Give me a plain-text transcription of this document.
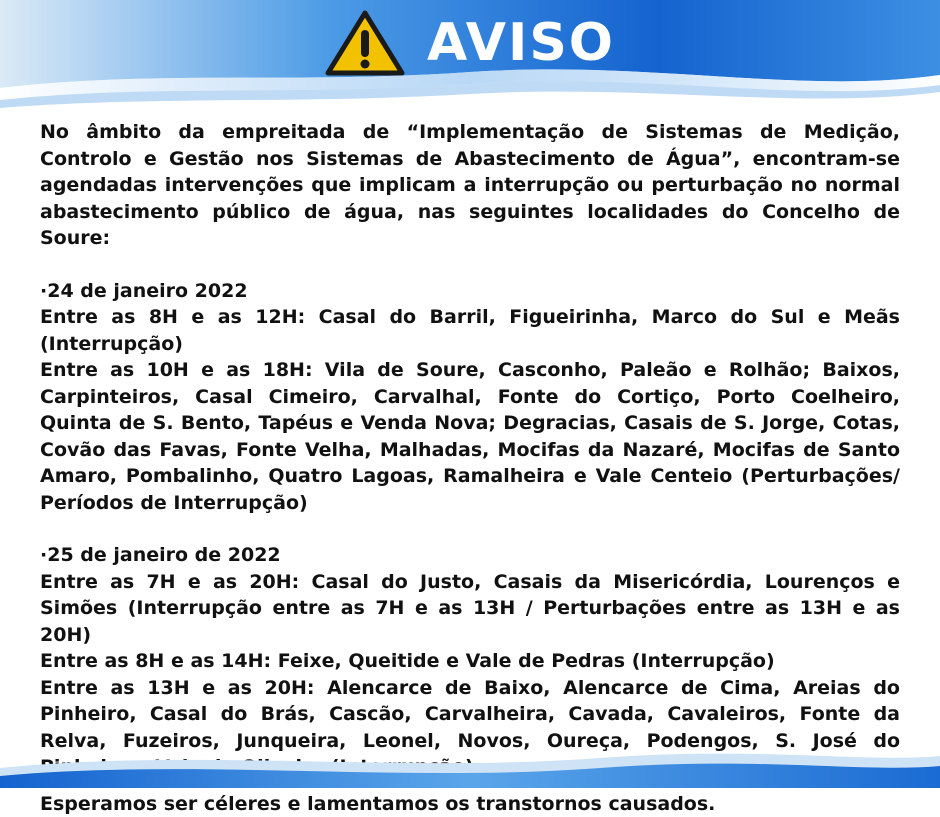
AVISO

No âmbito da empreitada de “Implementação de Sistemas de Medição, Controlo e Gestão nos Sistemas de Abastecimento de Água”, encontram-se agendadas intervenções que implicam a interrupção ou perturbação no normal abastecimento público de água, nas seguintes localidades do Concelho de Soure:

·24 de janeiro 2022

Entre as 8H e as 12H: Casal do Barril, Figueirinha, Marco do Sul e Meãs (Interrupção)

Entre as 10H e as 18H: Vila de Soure, Casconho, Paleão e Rolhão; Baixos, Carpinteiros, Casal Cimeiro, Carvalhal, Fonte do Cortiço, Porto Coelheiro, Quinta de S. Bento, Tapéus e Venda Nova; Degracias, Casais de S. Jorge, Cotas, Covão das Favas, Fonte Velha, Malhadas, Mocifas da Nazaré, Mocifas de Santo Amaro, Pombalinho, Quatro Lagoas, Ramalheira e Vale Centeio (Perturbações/ Períodos de Interrupção)

·25 de janeiro de 2022

Entre as 7H e as 20H: Casal do Justo, Casais da Misericórdia, Lourenços e Simões (Interrupção entre as 7H e as 13H / Perturbações entre as 13H e as 20H)

Entre as 8H e as 14H: Feixe, Queitide e Vale de Pedras (Interrupção)

Entre as 13H e as 20H: Alencarce de Baixo, Alencarce de Cima, Areias do Pinheiro, Casal do Brás, Cascão, Carvalheira, Cavada, Cavaleiros, Fonte da Relva, Fuzeiros, Junqueira, Leonel, Novos, Oureça, Podengos, S. José do

Esperamos ser céleres e lamentamos os transtornos causados.
